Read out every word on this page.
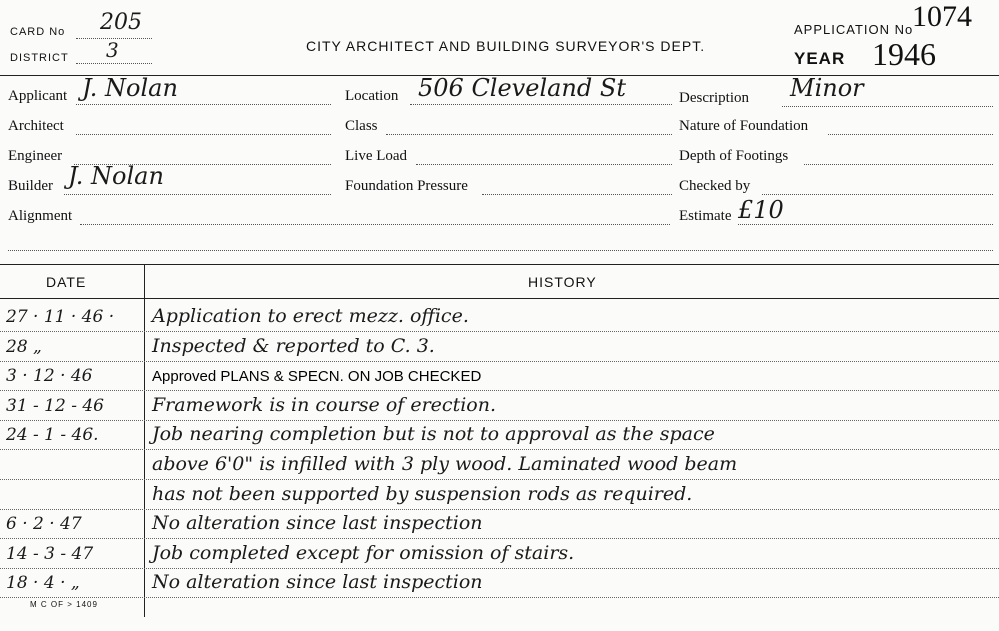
CARD No 205
DISTRICT 3	CITY ARCHITECT AND BUILDING SURVEYOR'S DEPT.
APPLICATION No
1074
YEAR 1946
Applicant J. Nolan
Architect
Engineer
Builder J. Nolan
Alignment
Location 506 Cleveland St
Class
Live Load
Foundation Pressure
Description Minor
Nature of Foundation
Depth of Footings
Checked by
Estimate £10
DATE	HISTORY
27 · 11 · 46 ·	Application to erect mezz. office.
28 „	Inspected & reported to C. 3.
3 · 12 · 46	Approved PLANS & SPECN. ON JOB CHECKED
31 - 12 - 46	Framework is in course of erection.
24 - 1 - 46.	Job nearing completion but is not to approval as the space
above 6'0" is infilled with 3 ply wood. Laminated wood beam
has not been supported by suspension rods as required.
6 · 2 · 47	No alteration since last inspection
14 - 3 - 47	Job completed except for omission of stairs.
18 · 4 · „	No alteration since last inspection
M C OF > 1409
